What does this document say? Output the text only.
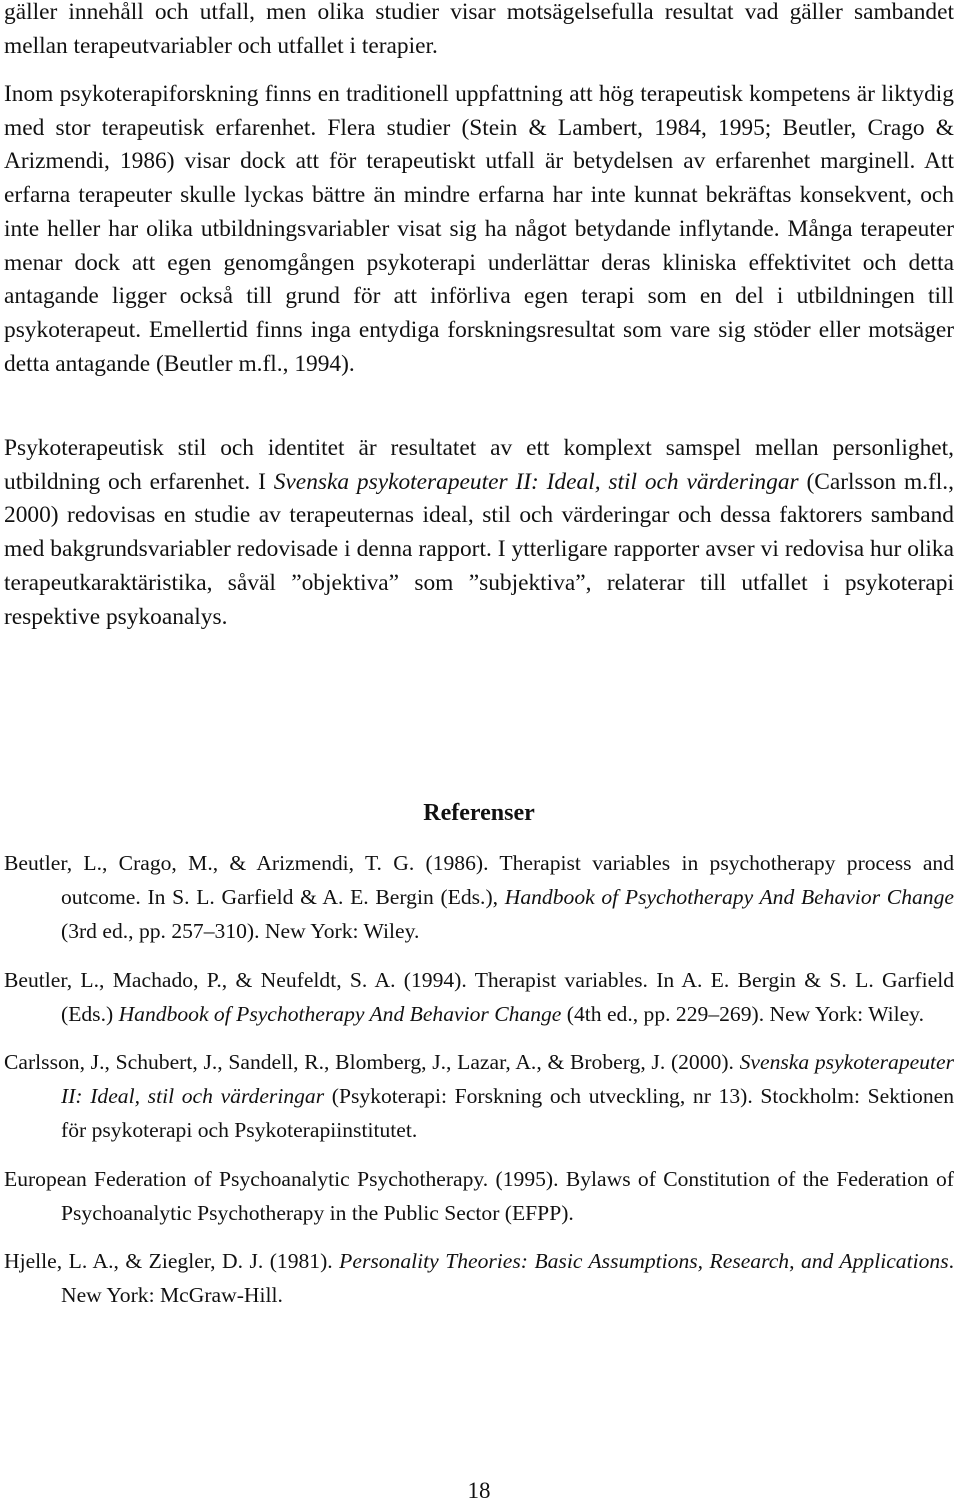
gäller innehåll och utfall, men olika studier visar motsägelsefulla resultat vad gäller sambandet mellan terapeutvariabler och utfallet i terapier.

Inom psykoterapiforskning finns en traditionell uppfattning att hög terapeutisk kompetens är liktydig med stor terapeutisk erfarenhet. Flera studier (Stein & Lambert, 1984, 1995; Beutler, Crago & Arizmendi, 1986) visar dock att för terapeutiskt utfall är betydelsen av erfarenhet marginell. Att erfarna terapeuter skulle lyckas bättre än mindre erfarna har inte kunnat bekräftas konsekvent, och inte heller har olika utbildningsvariabler visat sig ha något betydande inflytande. Många terapeuter menar dock att egen genomgången psykoterapi underlättar deras kliniska effektivitet och detta antagande ligger också till grund för att införliva egen terapi som en del i utbildningen till psykoterapeut. Emellertid finns inga entydiga forskningsresultat som vare sig stöder eller motsäger detta antagande (Beutler m.fl., 1994).

Psykoterapeutisk stil och identitet är resultatet av ett komplext samspel mellan personlighet, utbildning och erfarenhet. I Svenska psykoterapeuter II: Ideal, stil och värderingar (Carlsson m.fl., 2000) redovisas en studie av terapeuternas ideal, stil och värderingar och dessa faktorers samband med bakgrundsvariabler redovisade i denna rapport. I ytterligare rapporter avser vi redovisa hur olika terapeutkaraktäristika, såväl ”objektiva” som ”subjektiva”, relaterar till utfallet i psykoterapi respektive psykoanalys.

Referenser

Beutler, L., Crago, M., & Arizmendi, T. G. (1986). Therapist variables in psychotherapy process and outcome. In S. L. Garfield & A. E. Bergin (Eds.), Handbook of Psychotherapy And Behavior Change (3rd ed., pp. 257–310). New York: Wiley.

Beutler, L., Machado, P., & Neufeldt, S. A. (1994). Therapist variables. In A. E. Bergin & S. L. Garfield (Eds.) Handbook of Psychotherapy And Behavior Change (4th ed., pp. 229–269). New York: Wiley.

Carlsson, J., Schubert, J., Sandell, R., Blomberg, J., Lazar, A., & Broberg, J. (2000). Svenska psykoterapeuter II: Ideal, stil och värderingar (Psykoterapi: Forskning och utveckling, nr 13). Stockholm: Sektionen för psykoterapi och Psykoterapiinstitutet.

European Federation of Psychoanalytic Psychotherapy. (1995). Bylaws of Constitution of the Federation of Psychoanalytic Psychotherapy in the Public Sector (EFPP).

Hjelle, L. A., & Ziegler, D. J. (1981). Personality Theories: Basic Assumptions, Research, and Applications. New York: McGraw-Hill.

18
